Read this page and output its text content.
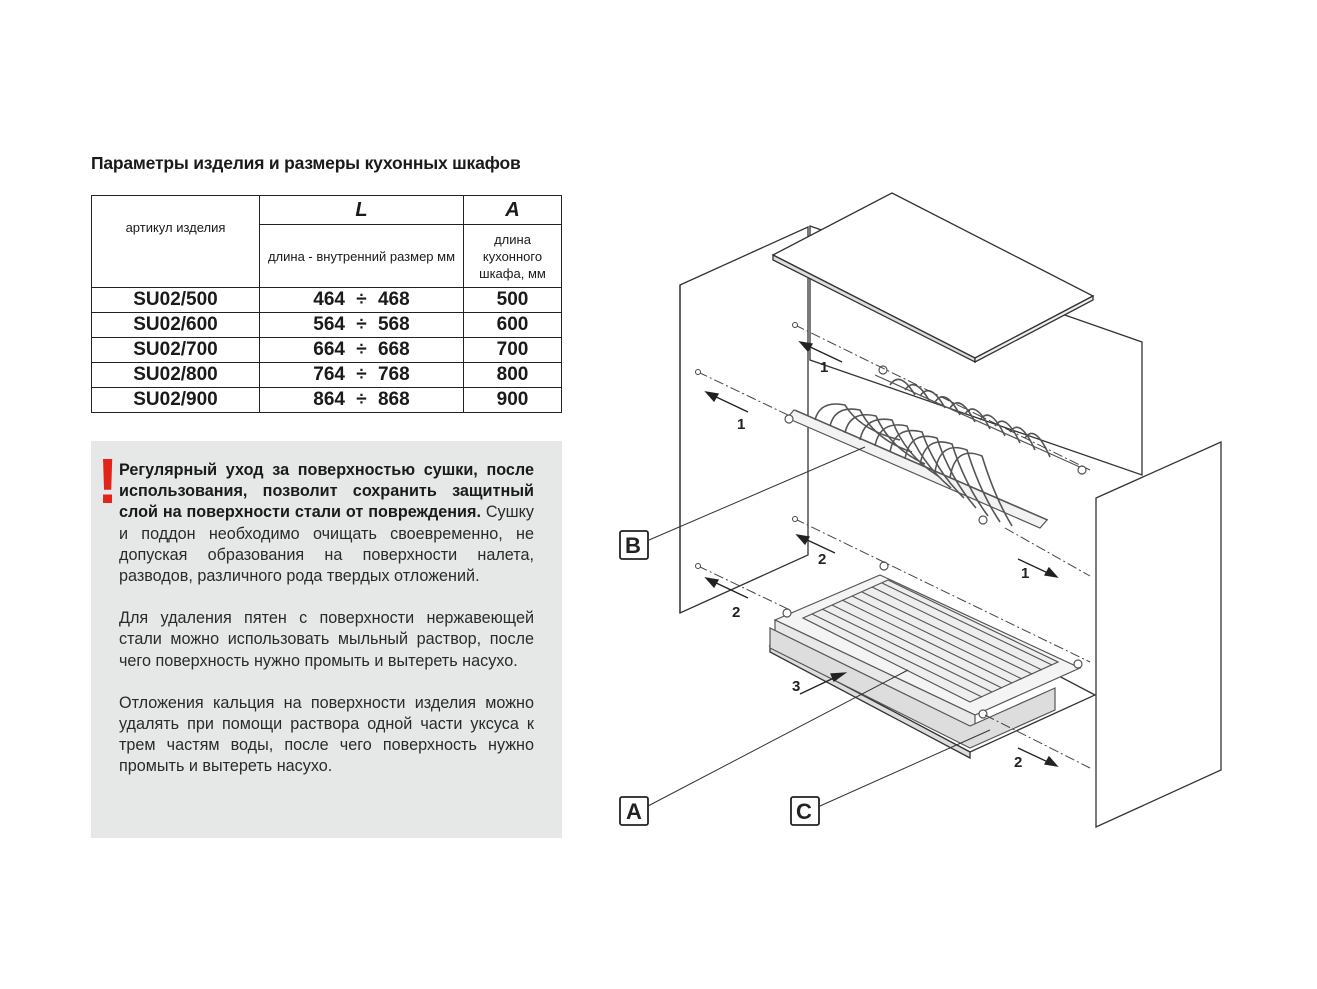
Параметры изделия и размеры кухонных шкафов
артикул изделия	L	A
	длина - внутренний размер мм	длина кухонного шкафа, мм
SU02/500	464 ÷ 468	500
SU02/600	564 ÷ 568	600
SU02/700	664 ÷ 668	700
SU02/800	764 ÷ 768	800
SU02/900	864 ÷ 868	900
! Регулярный уход за поверхностью сушки, после использования, позволит сохранить защитный слой на поверхности стали от повреждения. Сушку и поддон необходимо очищать своевременно, не допуская образования на поверхности налета, разводов, различного рода твердых отложений.

Для удаления пятен с поверхности нержавеющей стали можно использовать мыльный раствор, после чего поверхность нужно промыть и вытереть насухо.

Отложения кальция на поверхности изделия можно удалять при помощи раствора одной части уксуса к трем частям воды, после чего поверхность нужно промыть и вытереть насухо.

1
1
2
2
1
2
3
B
A	C
